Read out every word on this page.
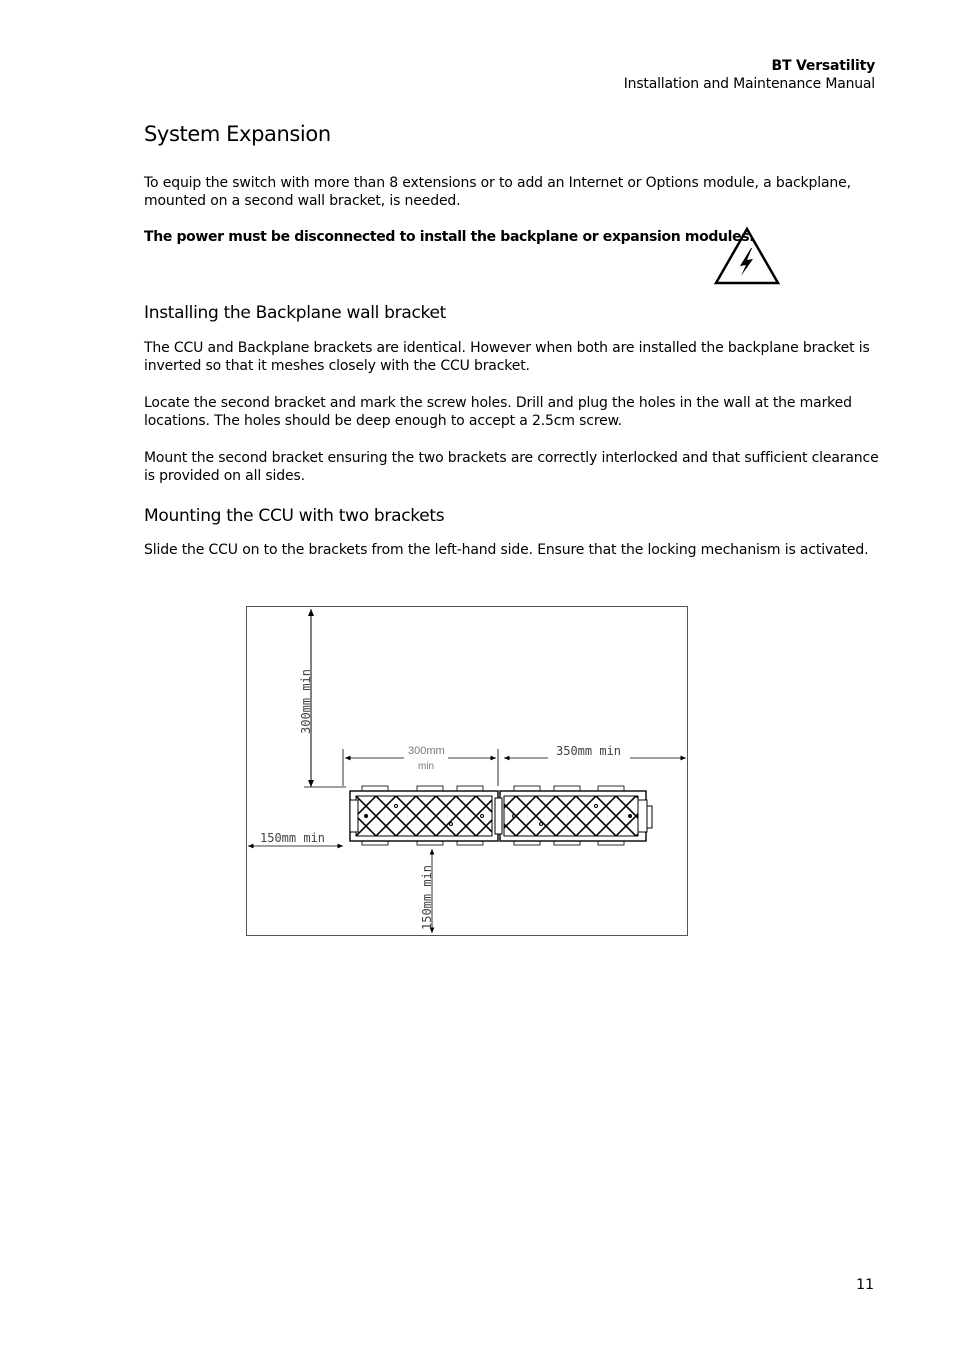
BT Versatility
Installation and Maintenance Manual
System Expansion

To equip the switch with more than 8 extensions or to add an Internet or Options module, a backplane, mounted on a second wall bracket, is needed.

The power must be disconnected to install the backplane or expansion modules.

Installing the Backplane wall bracket

The CCU and Backplane brackets are identical. However when both are installed the backplane bracket is inverted so that it meshes closely with the CCU bracket.

Locate the second bracket and mark the screw holes. Drill and plug the holes in the wall at the marked locations. The holes should be deep enough to accept a 2.5cm screw.

Mount the second bracket ensuring the two brackets are correctly interlocked and that sufficient clearance is provided on all sides.

Mounting the CCU with two brackets

Slide the CCU on to the brackets from the left-hand side. Ensure that the locking mechanism is activated.

300mm min
300mm
min
350mm min
150mm min
150mm min
11
